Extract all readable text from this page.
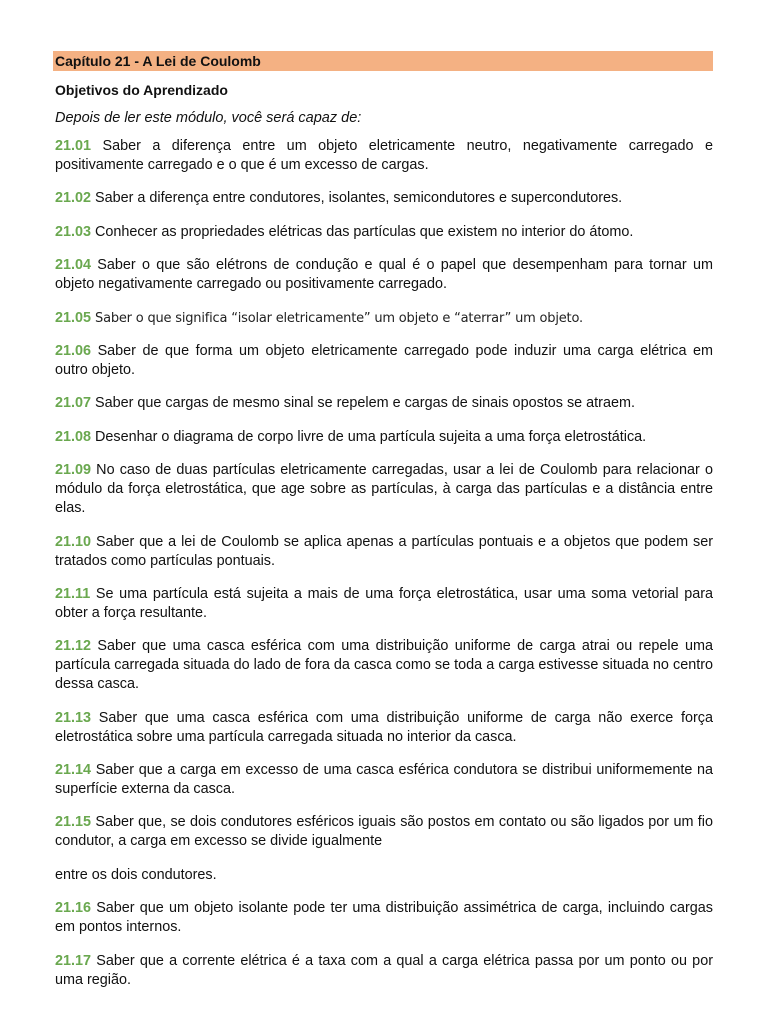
Capítulo 21 - A Lei de Coulomb
Objetivos do Aprendizado
Depois de ler este módulo, você será capaz de:

21.01 Saber a diferença entre um objeto eletricamente neutro, negativamente carregado e positivamente carregado e o que é um excesso de cargas.

21.02 Saber a diferença entre condutores, isolantes, semicondutores e supercondutores.

21.03 Conhecer as propriedades elétricas das partículas que existem no interior do átomo.

21.04 Saber o que são elétrons de condução e qual é o papel que desempenham para tornar um objeto negativamente carregado ou positivamente carregado.

21.05 Saber o que significa “isolar eletricamente” um objeto e “aterrar” um objeto.

21.06 Saber de que forma um objeto eletricamente carregado pode induzir uma carga elétrica em outro objeto.

21.07 Saber que cargas de mesmo sinal se repelem e cargas de sinais opostos se atraem.

21.08 Desenhar o diagrama de corpo livre de uma partícula sujeita a uma força eletrostática.

21.09 No caso de duas partículas eletricamente carregadas, usar a lei de Coulomb para relacionar o módulo da força eletrostática, que age sobre as partículas, à carga das partículas e a distância entre elas.

21.10 Saber que a lei de Coulomb se aplica apenas a partículas pontuais e a objetos que podem ser tratados como partículas pontuais.

21.11 Se uma partícula está sujeita a mais de uma força eletrostática, usar uma soma vetorial para obter a força resultante.

21.12 Saber que uma casca esférica com uma distribuição uniforme de carga atrai ou repele uma partícula carregada situada do lado de fora da casca como se toda a carga estivesse situada no centro dessa casca.

21.13 Saber que uma casca esférica com uma distribuição uniforme de carga não exerce força eletrostática sobre uma partícula carregada situada no interior da casca.

21.14 Saber que a carga em excesso de uma casca esférica condutora se distribui uniformemente na superfície externa da casca.

21.15 Saber que, se dois condutores esféricos iguais são postos em contato ou são ligados por um fio condutor, a carga em excesso se divide igualmente

entre os dois condutores.

21.16 Saber que um objeto isolante pode ter uma distribuição assimétrica de carga, incluindo cargas em pontos internos.

21.17 Saber que a corrente elétrica é a taxa com a qual a carga elétrica passa por um ponto ou por uma região.
